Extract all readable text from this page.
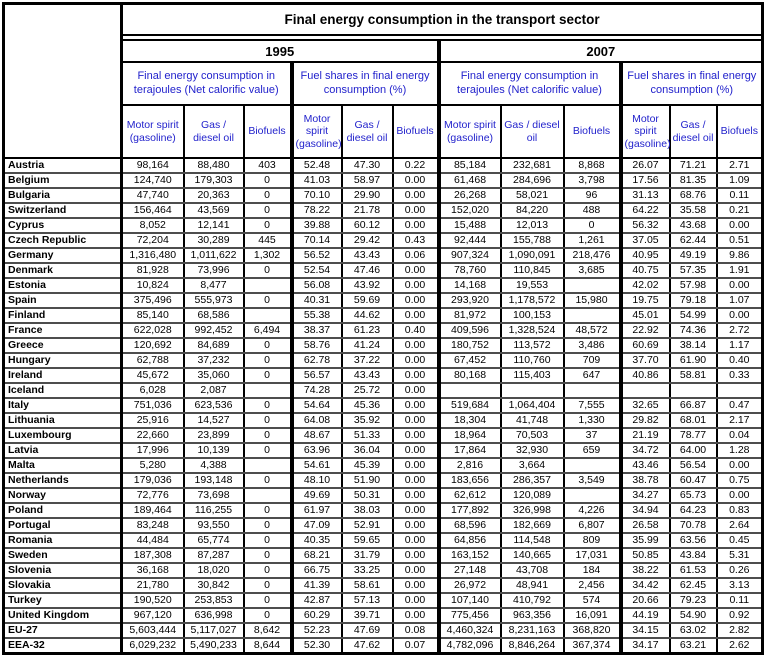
	Final energy consumption in the transport sector											

	1995						2007					
	Final energy consumption in terajoules (Net calorific value)			Fuel shares in final energy consumption (%)			Final energy consumption in terajoules (Net calorific value)			Fuel shares in final energy consumption (%)		
	Motor spirit (gasoline)	Gas / diesel oil	Biofuels	Motor spirit (gasoline)	Gas / diesel oil	Biofuels	Motor spirit (gasoline)	Gas / diesel oil	Biofuels	Motor spirit (gasoline)	Gas / diesel oil	Biofuels
Austria	98,164	88,480	403	52.48	47.30	0.22	85,184	232,681	8,868	26.07	71.21	2.71
Belgium	124,740	179,303	0	41.03	58.97	0.00	61,468	284,696	3,798	17.56	81.35	1.09
Bulgaria	47,740	20,363	0	70.10	29.90	0.00	26,268	58,021	96	31.13	68.76	0.11
Switzerland	156,464	43,569	0	78.22	21.78	0.00	152,020	84,220	488	64.22	35.58	0.21
Cyprus	8,052	12,141	0	39.88	60.12	0.00	15,488	12,013	0	56.32	43.68	0.00
Czech Republic	72,204	30,289	445	70.14	29.42	0.43	92,444	155,788	1,261	37.05	62.44	0.51
Germany	1,316,480	1,011,622	1,302	56.52	43.43	0.06	907,324	1,090,091	218,476	40.95	49.19	9.86
Denmark	81,928	73,996	0	52.54	47.46	0.00	78,760	110,845	3,685	40.75	57.35	1.91
Estonia	10,824	8,477		56.08	43.92	0.00	14,168	19,553		42.02	57.98	0.00
Spain	375,496	555,973	0	40.31	59.69	0.00	293,920	1,178,572	15,980	19.75	79.18	1.07
Finland	85,140	68,586		55.38	44.62	0.00	81,972	100,153		45.01	54.99	0.00
France	622,028	992,452	6,494	38.37	61.23	0.40	409,596	1,328,524	48,572	22.92	74.36	2.72
Greece	120,692	84,689	0	58.76	41.24	0.00	180,752	113,572	3,486	60.69	38.14	1.17
Hungary	62,788	37,232	0	62.78	37.22	0.00	67,452	110,760	709	37.70	61.90	0.40
Ireland	45,672	35,060	0	56.57	43.43	0.00	80,168	115,403	647	40.86	58.81	0.33
Iceland	6,028	2,087		74.28	25.72	0.00						
Italy	751,036	623,536	0	54.64	45.36	0.00	519,684	1,064,404	7,555	32.65	66.87	0.47
Lithuania	25,916	14,527	0	64.08	35.92	0.00	18,304	41,748	1,330	29.82	68.01	2.17
Luxembourg	22,660	23,899	0	48.67	51.33	0.00	18,964	70,503	37	21.19	78.77	0.04
Latvia	17,996	10,139	0	63.96	36.04	0.00	17,864	32,930	659	34.72	64.00	1.28
Malta	5,280	4,388		54.61	45.39	0.00	2,816	3,664		43.46	56.54	0.00
Netherlands	179,036	193,148	0	48.10	51.90	0.00	183,656	286,357	3,549	38.78	60.47	0.75
Norway	72,776	73,698		49.69	50.31	0.00	62,612	120,089		34.27	65.73	0.00
Poland	189,464	116,255	0	61.97	38.03	0.00	177,892	326,998	4,226	34.94	64.23	0.83
Portugal	83,248	93,550	0	47.09	52.91	0.00	68,596	182,669	6,807	26.58	70.78	2.64
Romania	44,484	65,774	0	40.35	59.65	0.00	64,856	114,548	809	35.99	63.56	0.45
Sweden	187,308	87,287	0	68.21	31.79	0.00	163,152	140,665	17,031	50.85	43.84	5.31
Slovenia	36,168	18,020	0	66.75	33.25	0.00	27,148	43,708	184	38.22	61.53	0.26
Slovakia	21,780	30,842	0	41.39	58.61	0.00	26,972	48,941	2,456	34.42	62.45	3.13
Turkey	190,520	253,853	0	42.87	57.13	0.00	107,140	410,792	574	20.66	79.23	0.11
United Kingdom	967,120	636,998	0	60.29	39.71	0.00	775,456	963,356	16,091	44.19	54.90	0.92
EU-27	5,603,444	5,117,027	8,642	52.23	47.69	0.08	4,460,324	8,231,163	368,820	34.15	63.02	2.82
EEA-32	6,029,232	5,490,233	8,644	52.30	47.62	0.07	4,782,096	8,846,264	367,374	34.17	63.21	2.62
